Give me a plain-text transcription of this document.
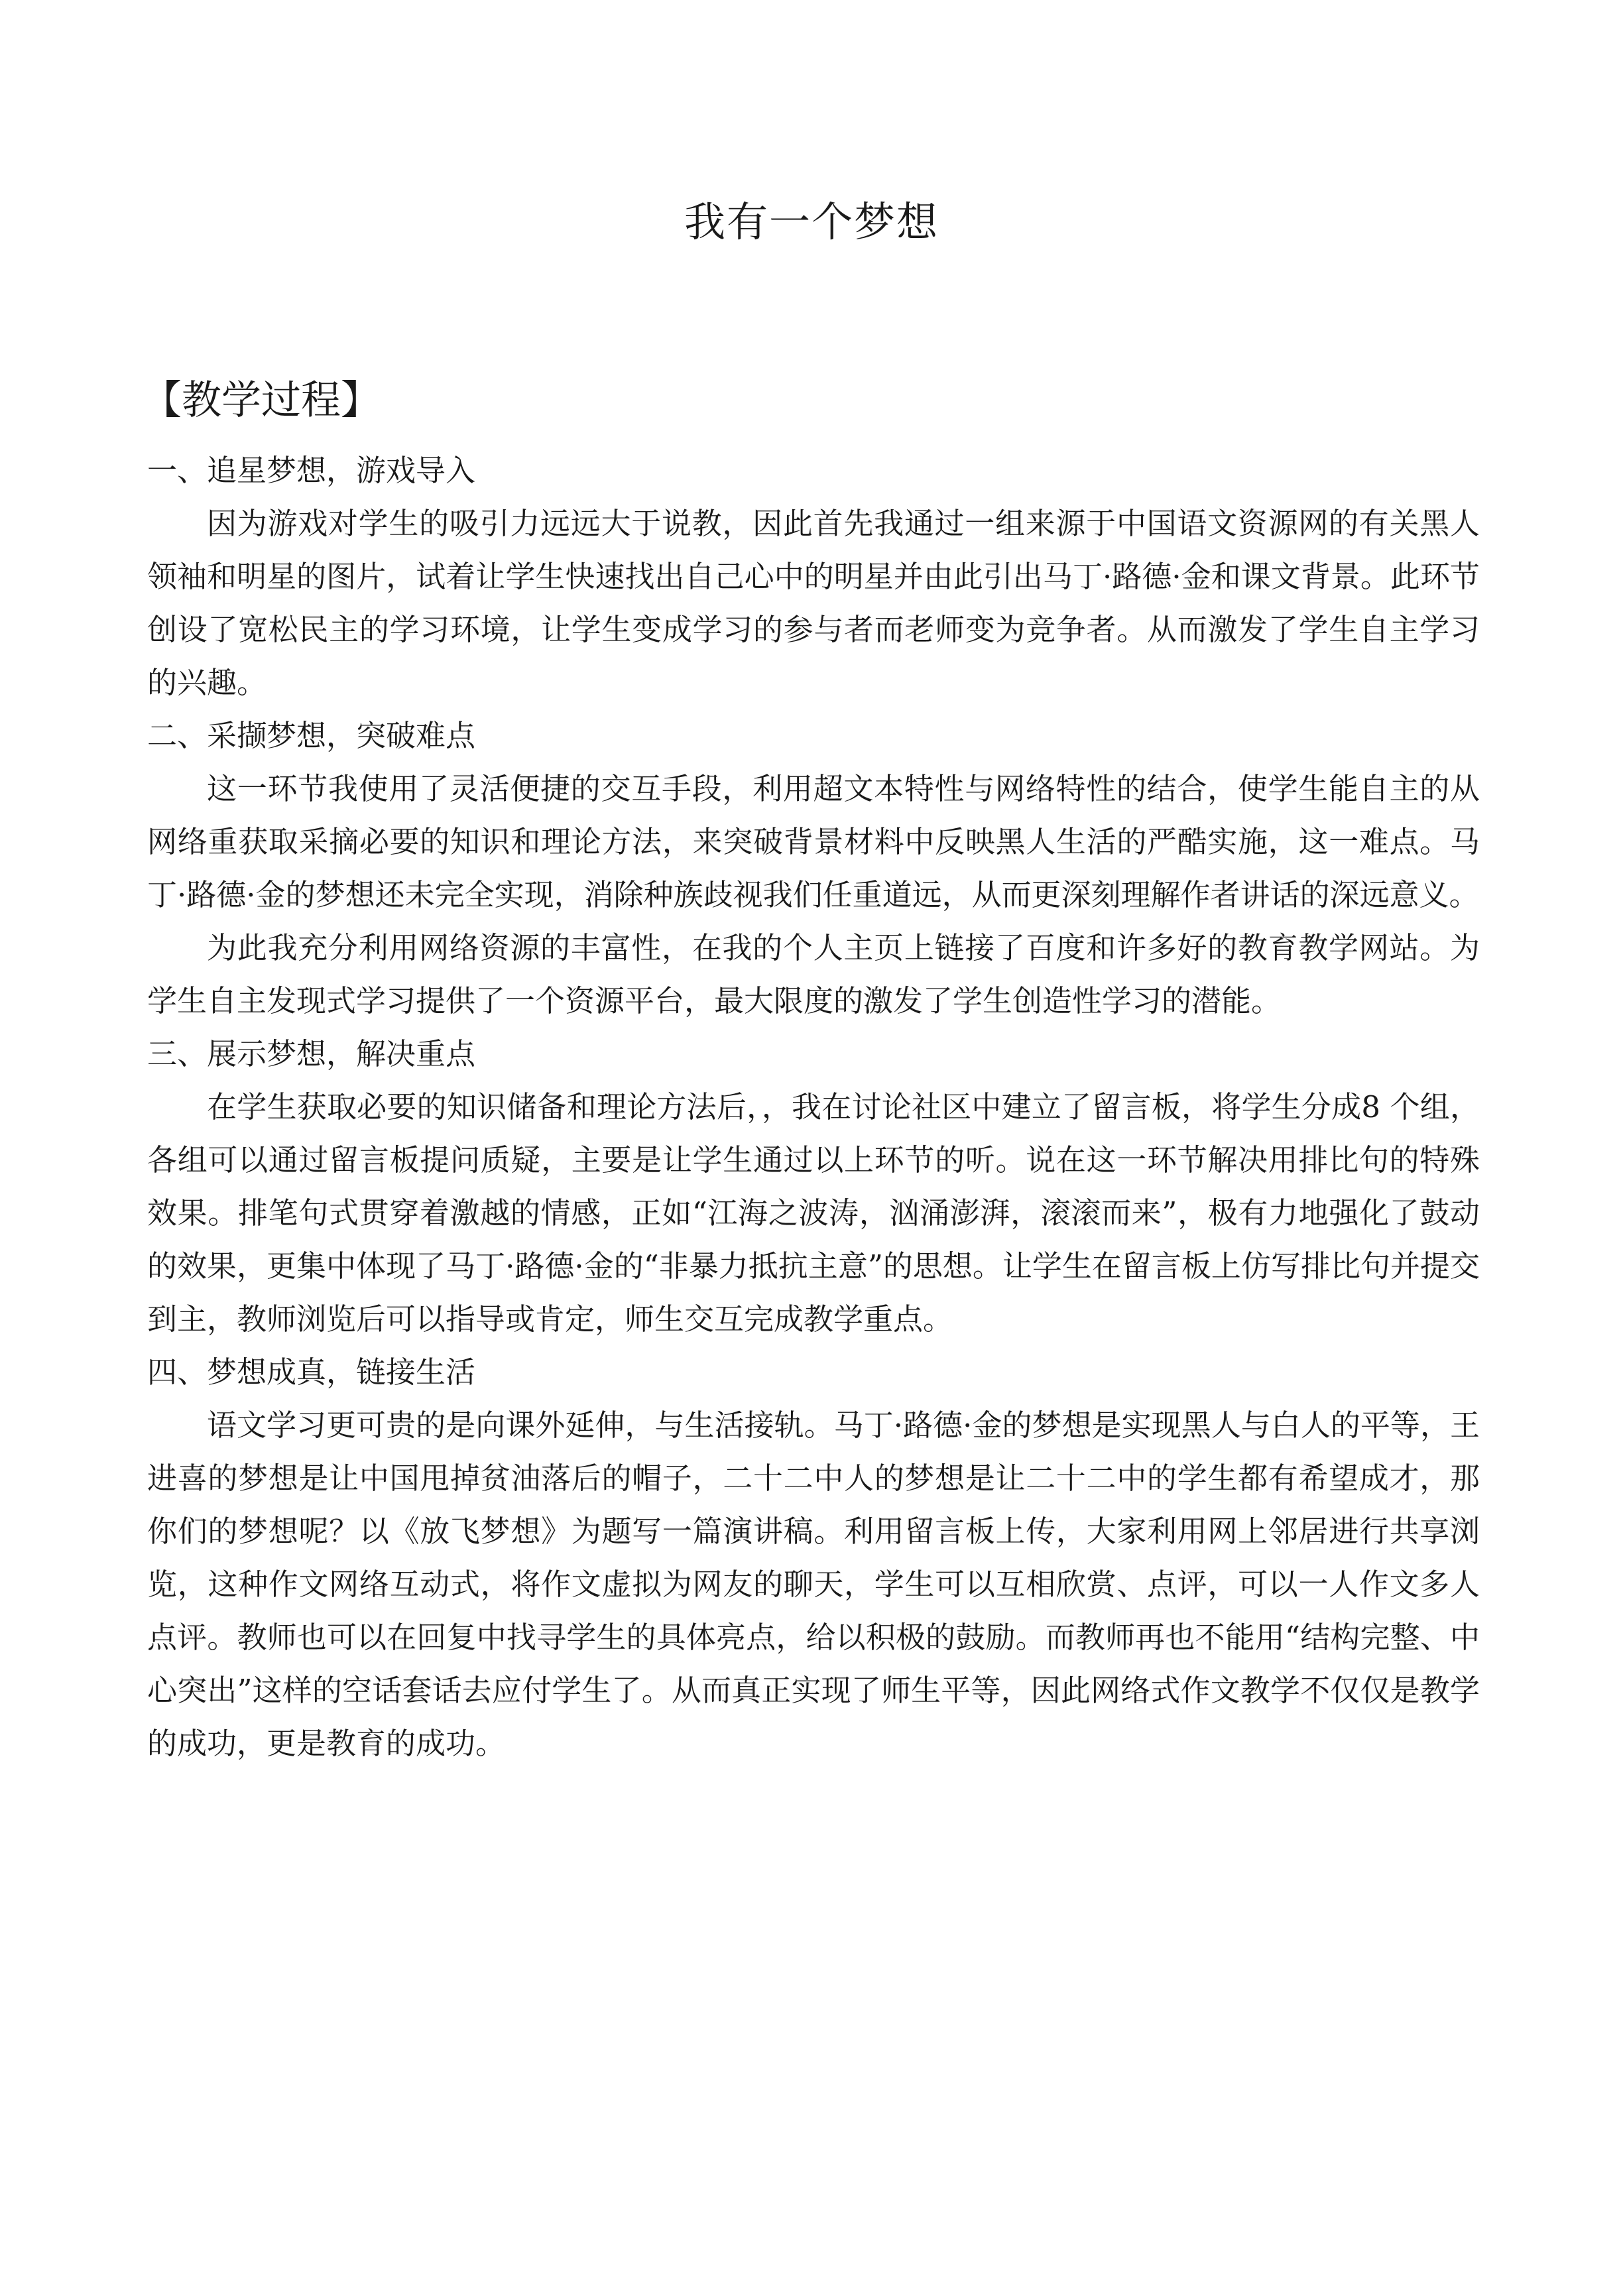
我有一个梦想

【教学过程】

一、追星梦想，游戏导入

因为游戏对学生的吸引力远远大于说教，因此首先我通过一组来源于中国语文资源网的有关黑人领袖和明星的图片，试着让学生快速找出自己心中的明星并由此引出马丁·路德·金和课文背景。此环节创设了宽松民主的学习环境，让学生变成学习的参与者而老师变为竞争者。从而激发了学生自主学习的兴趣。

二、采撷梦想，突破难点

这一环节我使用了灵活便捷的交互手段，利用超文本特性与网络特性的结合，使学生能自主的从网络重获取采摘必要的知识和理论方法，来突破背景材料中反映黑人生活的严酷实施，这一难点。马丁·路德·金的梦想还未完全实现，消除种族歧视我们任重道远，从而更深刻理解作者讲话的深远意义。

为此我充分利用网络资源的丰富性，在我的个人主页上链接了百度和许多好的教育教学网站。为学生自主发现式学习提供了一个资源平台，最大限度的激发了学生创造性学习的潜能。

三、展示梦想，解决重点

在学生获取必要的知识储备和理论方法后，，我在讨论社区中建立了留言板，将学生分成8 个组， 各组可以通过留言板提问质疑，主要是让学生通过以上环节的听。说在这一环节解决用排比句的特殊效果。排笔句式贯穿着激越的情感，正如“江海之波涛，汹涌澎湃，滚滚而来”，极有力地强化了鼓动的效果，更集中体现了马丁·路德·金的“非暴力抵抗主意”的思想。让学生在留言板上仿写排比句并提交到主，教师浏览后可以指导或肯定，师生交互完成教学重点。

四、梦想成真，链接生活

语文学习更可贵的是向课外延伸，与生活接轨。马丁·路德·金的梦想是实现黑人与白人的平等，王进喜的梦想是让中国甩掉贫油落后的帽子，二十二中人的梦想是让二十二中的学生都有希望成才，那你们的梦想呢？以《放飞梦想》为题写一篇演讲稿。利用留言板上传，大家利用网上邻居进行共享浏览，这种作文网络互动式，将作文虚拟为网友的聊天，学生可以互相欣赏、点评，可以一人作文多人点评。教师也可以在回复中找寻学生的具体亮点，给以积极的鼓励。而教师再也不能用“结构完整、中心突出”这样的空话套话去应付学生了。从而真正实现了师生平等，因此网络式作文教学不仅仅是教学的成功，更是教育的成功。
